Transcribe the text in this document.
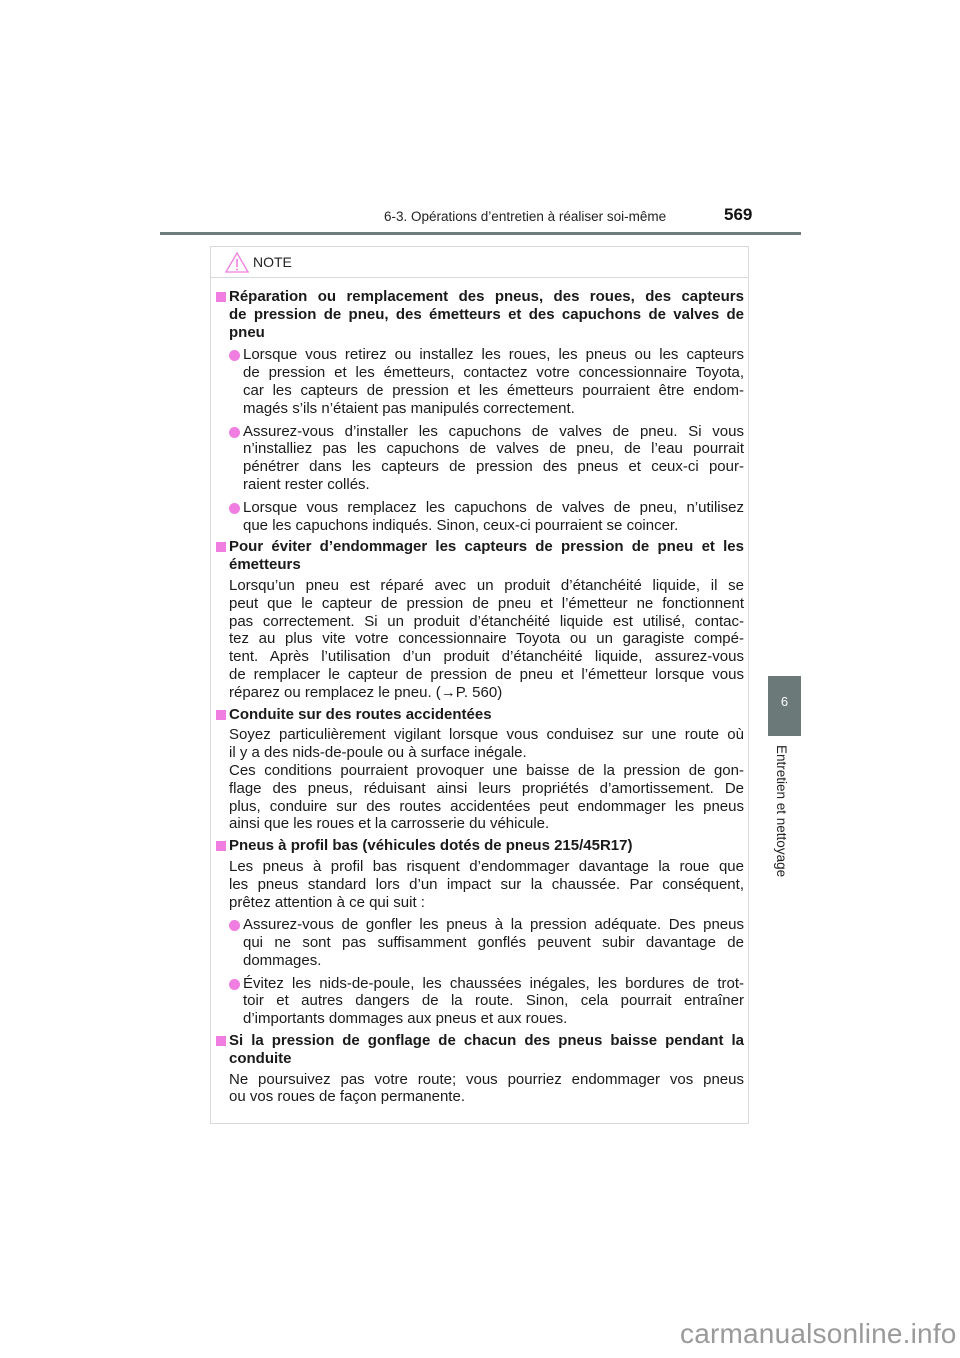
6-3. Opérations d’entretien à réaliser soi-même	569
6
Entretien et nettoyage
NOTE
Réparation ou remplacement des pneus, des roues, des capteurs
de pression de pneu, des émetteurs et des capuchons de valves de
pneu
Lorsque vous retirez ou installez les roues, les pneus ou les capteurs
de pression et les émetteurs, contactez votre concessionnaire Toyota,
car les capteurs de pression et les émetteurs pourraient être endom-
magés s’ils n’étaient pas manipulés correctement.
Assurez-vous d’installer les capuchons de valves de pneu. Si vous
n’installiez pas les capuchons de valves de pneu, de l’eau pourrait
pénétrer dans les capteurs de pression des pneus et ceux-ci pour-
raient rester collés.
Lorsque vous remplacez les capuchons de valves de pneu, n’utilisez
que les capuchons indiqués. Sinon, ceux-ci pourraient se coincer.
Pour éviter d’endommager les capteurs de pression de pneu et les
émetteurs
Lorsqu’un pneu est réparé avec un produit d’étanchéité liquide, il se
peut que le capteur de pression de pneu et l’émetteur ne fonctionnent
pas correctement. Si un produit d’étanchéité liquide est utilisé, contac-
tez au plus vite votre concessionnaire Toyota ou un garagiste compé-
tent. Après l’utilisation d’un produit d’étanchéité liquide, assurez-vous
de remplacer le capteur de pression de pneu et l’émetteur lorsque vous
réparez ou remplacez le pneu. (→P. 560)
Conduite sur des routes accidentées
Soyez particulièrement vigilant lorsque vous conduisez sur une route où
il y a des nids-de-poule ou à surface inégale.
Ces conditions pourraient provoquer une baisse de la pression de gon-
flage des pneus, réduisant ainsi leurs propriétés d’amortissement. De
plus, conduire sur des routes accidentées peut endommager les pneus
ainsi que les roues et la carrosserie du véhicule.
Pneus à profil bas (véhicules dotés de pneus 215/45R17)
Les pneus à profil bas risquent d’endommager davantage la roue que
les pneus standard lors d’un impact sur la chaussée. Par conséquent,
prêtez attention à ce qui suit :
Assurez-vous de gonfler les pneus à la pression adéquate. Des pneus
qui ne sont pas suffisamment gonflés peuvent subir davantage de
dommages.
Évitez les nids-de-poule, les chaussées inégales, les bordures de trot-
toir et autres dangers de la route. Sinon, cela pourrait entraîner
d’importants dommages aux pneus et aux roues.
Si la pression de gonflage de chacun des pneus baisse pendant la
conduite
Ne poursuivez pas votre route; vous pourriez endommager vos pneus
ou vos roues de façon permanente.
carmanualsonline.info
